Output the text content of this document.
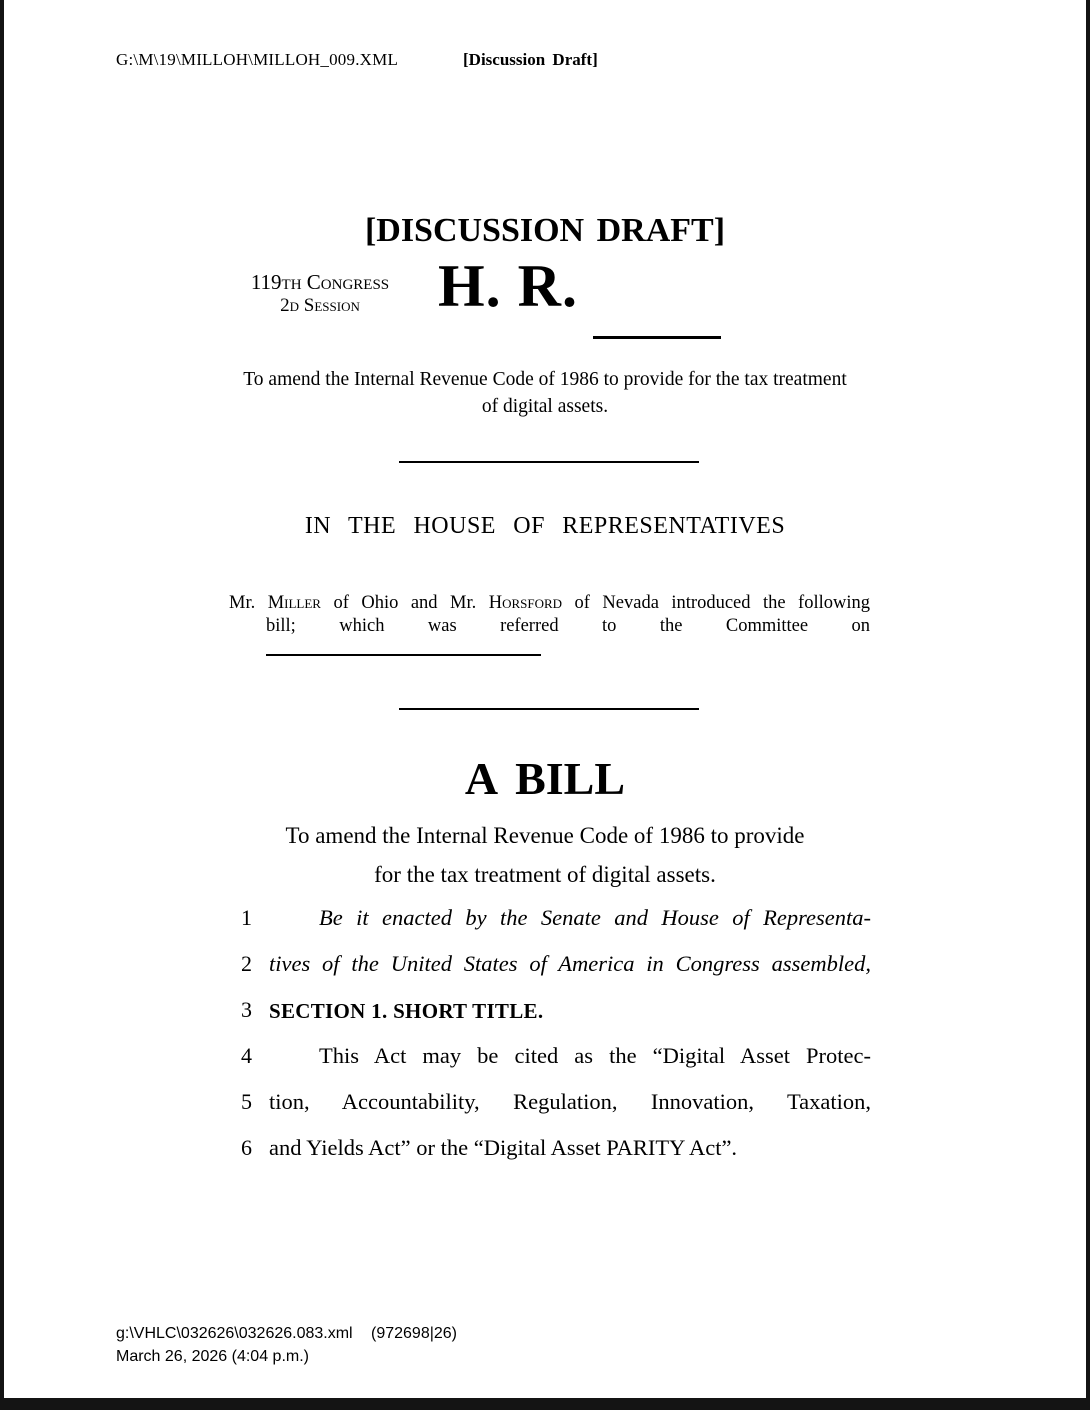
G:\M\19\MILLOH\MILLOH_009.XML	[Discussion Draft]
[DISCUSSION DRAFT]
119th Congress
2d Session	H. R.
To amend the Internal Revenue Code of 1986 to provide for the tax treatment
of digital assets.
IN THE HOUSE OF REPRESENTATIVES
Mr. Miller of Ohio and Mr. Horsford of Nevada introduced the following
bill; which was referred to the Committee on
A BILL
To amend the Internal Revenue Code of 1986 to provide
for the tax treatment of digital assets.
1	Be it enacted by the Senate and House of Representa-
2 tives of the United States of America in Congress assembled,
3 SECTION 1. SHORT TITLE.
4	This Act may be cited as the “Digital Asset Protec-
5 tion, Accountability, Regulation, Innovation, Taxation,
6 and Yields Act” or the “Digital Asset PARITY Act”.
g:\VHLC\032626\032626.083.xml (972698|26)
March 26, 2026 (4:04 p.m.)
